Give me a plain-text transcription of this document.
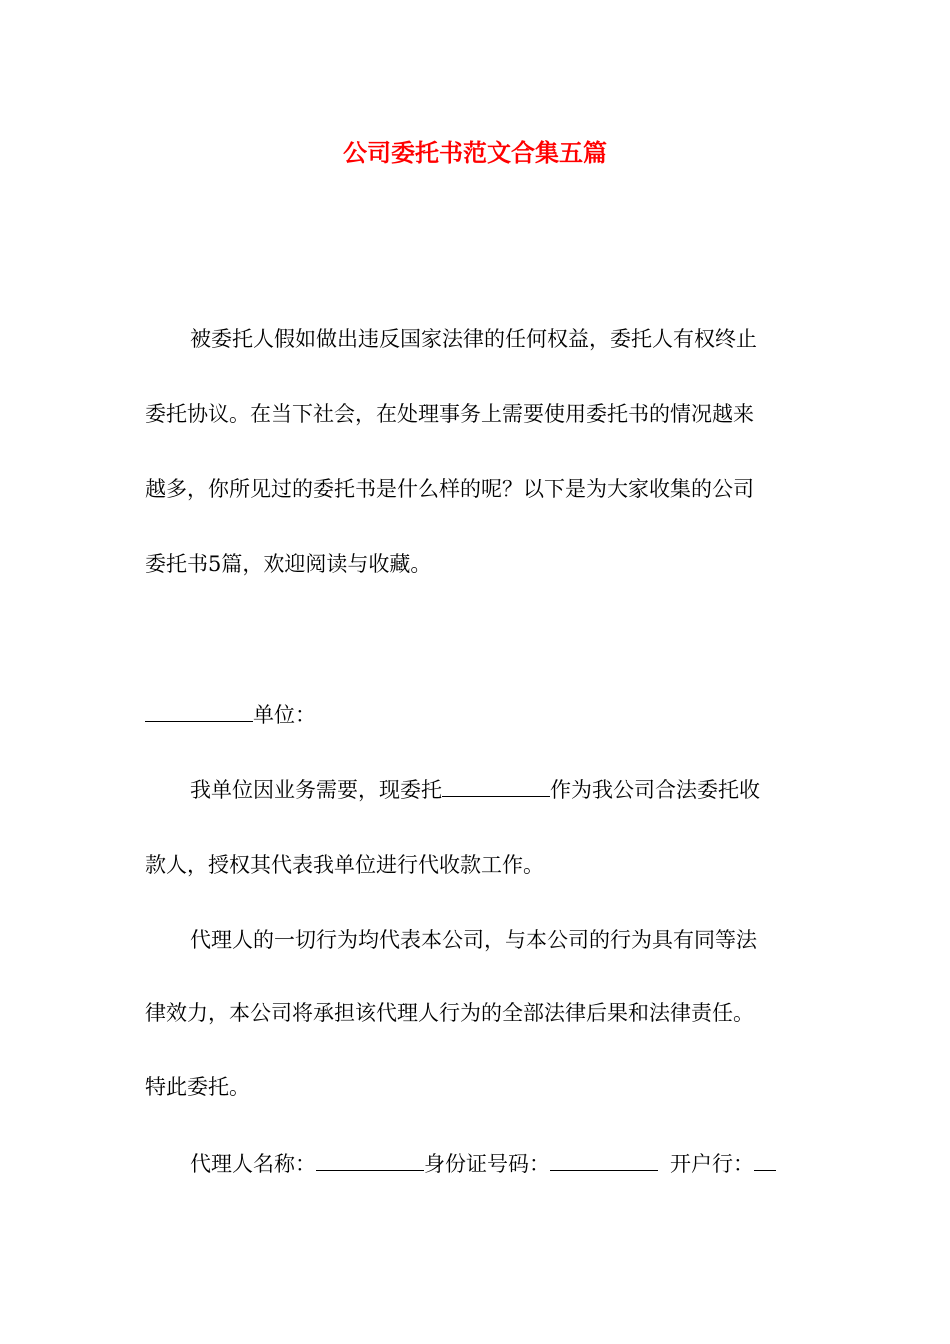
公司委托书范文合集五篇
被委托人假如做出违反国家法律的任何权益，委托人有权终止
委托协议。在当下社会，在处理事务上需要使用委托书的情况越来
越多，你所见过的委托书是什么样的呢？以下是为大家收集的公司
委托书5篇，欢迎阅读与收藏。
单位：
我单位因业务需要，现委托	作为我公司合法委托收
款人，授权其代表我单位进行代收款工作。
代理人的一切行为均代表本公司，与本公司的行为具有同等法
律效力，本公司将承担该代理人行为的全部法律后果和法律责任。
特此委托。
代理人名称：	身份证号码：	开户行：
